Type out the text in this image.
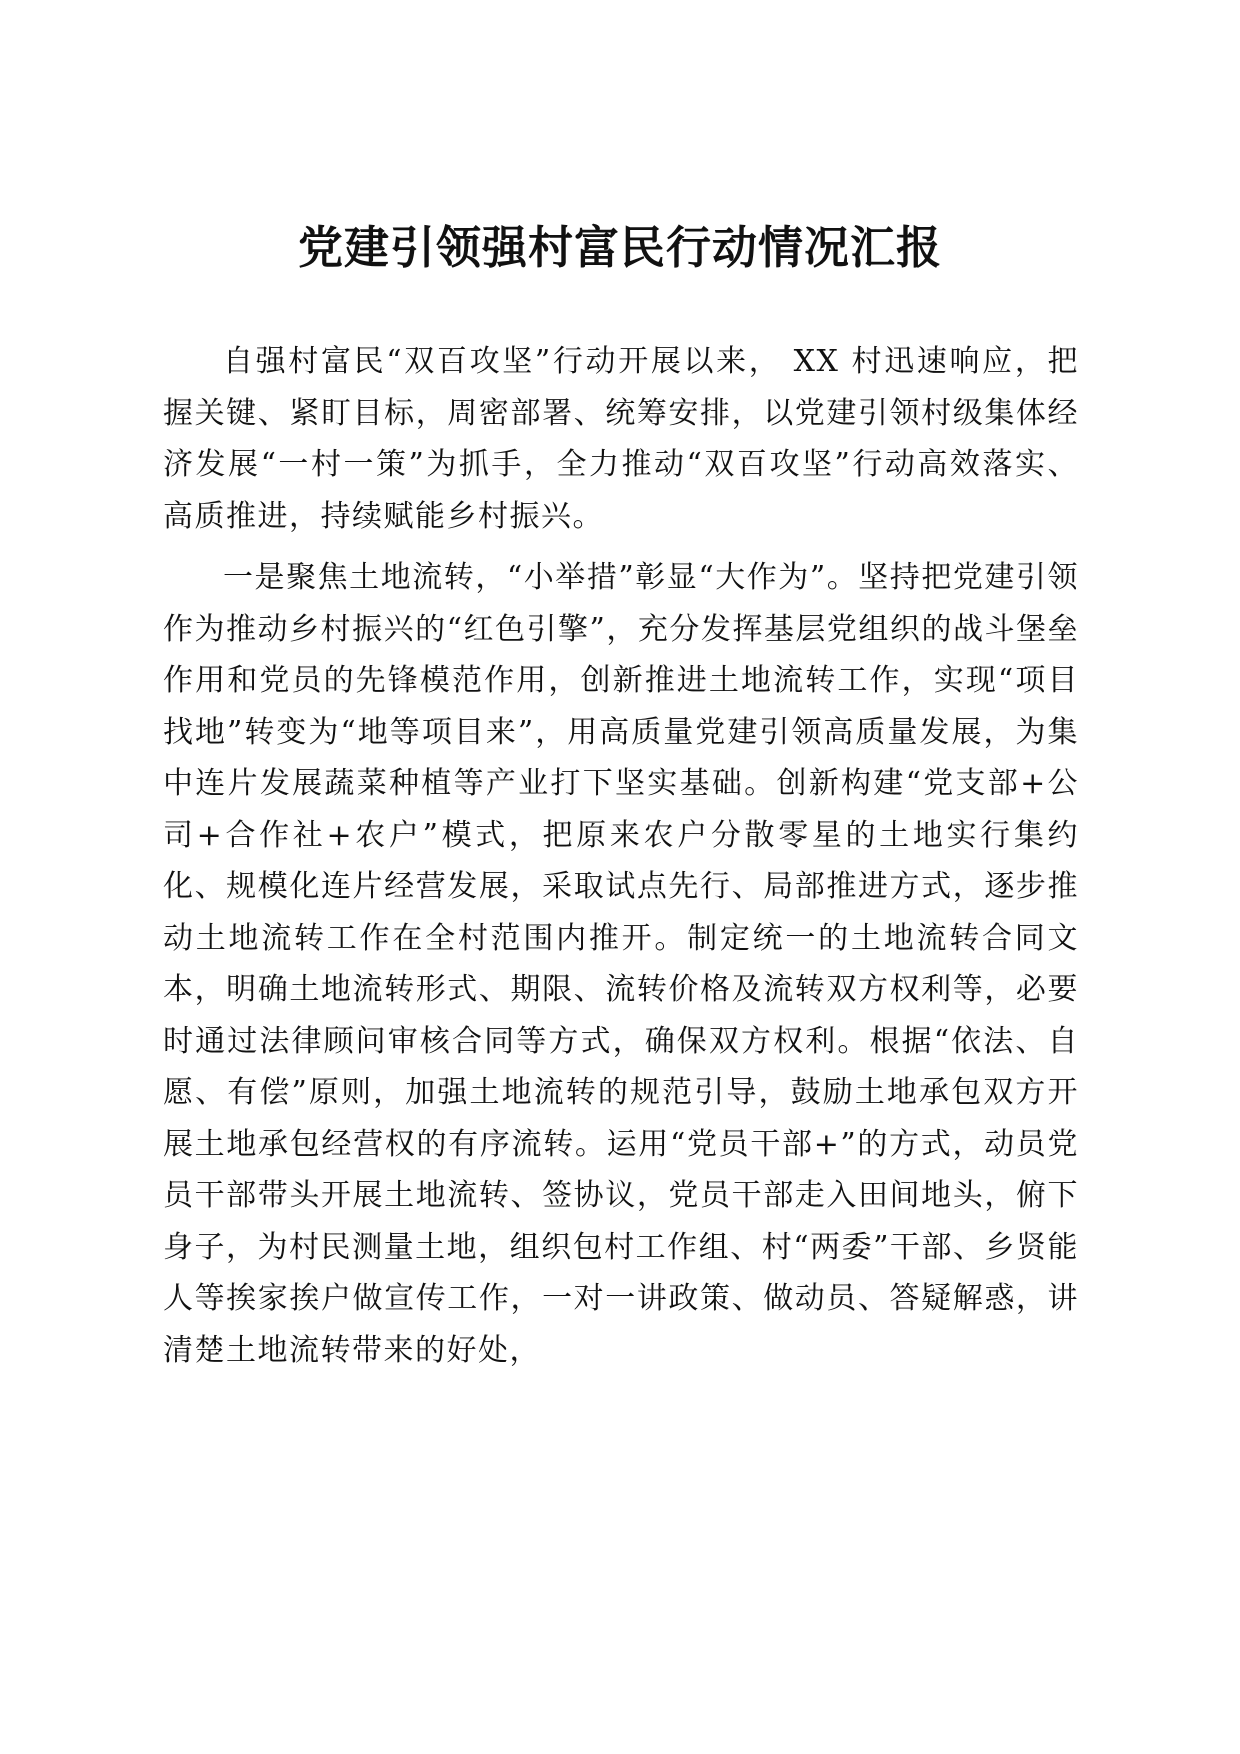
党建引领强村富民行动情况汇报

自强村富民“双百攻坚”行动开展以来， XX 村迅速响应，把握关键、紧盯目标，周密部署、统筹安排，以党建引领村级集体经济发展“一村一策”为抓手，全力推动“双百攻坚”行动高效落实、高质推进，持续赋能乡村振兴。

一是聚焦土地流转，“小举措”彰显“大作为”。坚持把党建引领作为推动乡村振兴的“红色引擎”，充分发挥基层党组织的战斗堡垒作用和党员的先锋模范作用，创新推进土地流转工作，实现“项目找地”转变为“地等项目来”，用高质量党建引领高质量发展，为集中连片发展蔬菜种植等产业打下坚实基础。创新构建“党支部+公司+合作社+农户”模式，把原来农户分散零星的土地实行集约化、规模化连片经营发展，采取试点先行、局部推进方式，逐步推动土地流转工作在全村范围内推开。制定统一的土地流转合同文本，明确土地流转形式、期限、流转价格及流转双方权利等，必要时通过法律顾问审核合同等方式，确保双方权利。根据“依法、自愿、有偿”原则，加强土地流转的规范引导，鼓励土地承包双方开展土地承包经营权的有序流转。运用“党员干部+”的方式，动员党员干部带头开展土地流转、签协议，党员干部走入田间地头，俯下身子，为村民测量土地，组织包村工作组、村“两委”干部、乡贤能人等挨家挨户做宣传工作，一对一讲政策、做动员、答疑解惑，讲清楚土地流转带来的好处，
